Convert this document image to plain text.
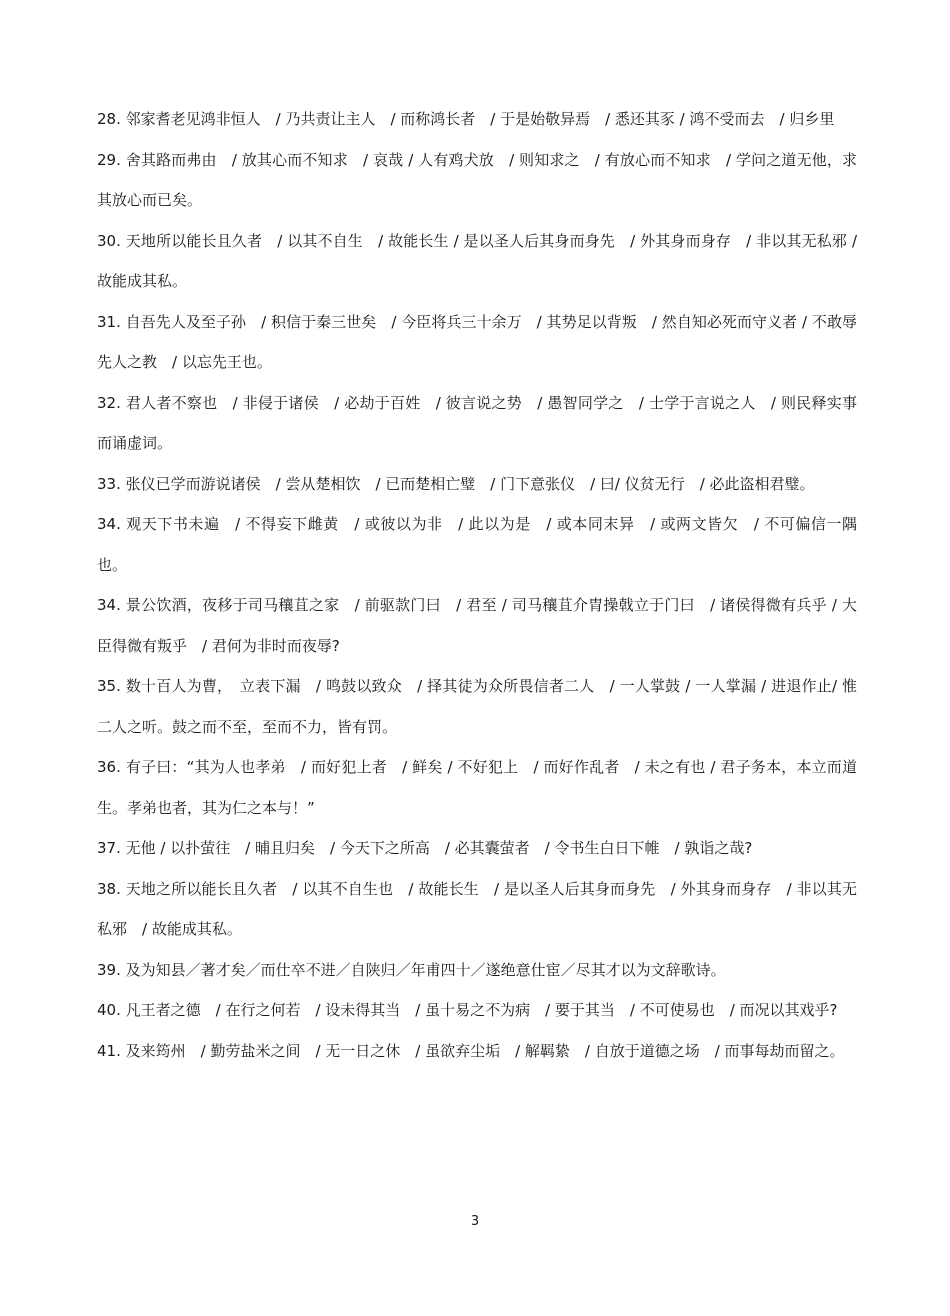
28. 邻家耆老见鸿非恒人　/ 乃共责让主人　/ 而称鸿长者　/ 于是始敬异焉　/ 悉还其豕 / 鸿不受而去　/ 归乡里

29. 舍其路而弗由　/ 放其心而不知求　/ 哀哉 / 人有鸡犬放　/ 则知求之　/ 有放心而不知求　/ 学问之道无他，求其放心而已矣。

30. 天地所以能长且久者　/ 以其不自生　/ 故能长生 / 是以圣人后其身而身先　/ 外其身而身存　/ 非以其无私邪 / 故能成其私。

31. 自吾先人及至子孙　/ 积信于秦三世矣　/ 今臣将兵三十余万　/ 其势足以背叛　/ 然自知必死而守义者 / 不敢辱先人之教　/ 以忘先王也。

32. 君人者不察也　/ 非侵于诸侯　/ 必劫于百姓　/ 彼言说之势　/ 愚智同学之　/ 士学于言说之人　/ 则民释实事而诵虚词。

33. 张仪已学而游说诸侯　/ 尝从楚相饮　/ 已而楚相亡璧　/ 门下意张仪　/ 曰/ 仪贫无行　/ 必此盗相君璧。

34. 观天下书未遍　/ 不得妄下雌黄　/ 或彼以为非　/ 此以为是　/ 或本同末异　/ 或两文皆欠　/ 不可偏信一隅也。

34. 景公饮酒，夜移于司马穰苴之家　/ 前驱款门曰　/ 君至 / 司马穰苴介胄操戟立于门曰　/ 诸侯得微有兵乎 / 大臣得微有叛乎　/ 君何为非时而夜辱?

35. 数十百人为曹，　立表下漏　/ 鸣鼓以致众　/ 择其徒为众所畏信者二人　/ 一人掌鼓 / 一人掌漏 / 进退作止/ 惟二人之听。鼓之而不至，至而不力，皆有罚。

36. 有子曰：“其为人也孝弟　/ 而好犯上者　/ 鲜矣 / 不好犯上　/ 而好作乱者　/ 未之有也 / 君子务本，本立而道生。孝弟也者，其为仁之本与！”

37. 无他 / 以扑萤往　/ 晡且归矣　/ 今天下之所高　/ 必其囊萤者　/ 令书生白日下帷　/ 孰诣之哉?

38. 天地之所以能长且久者　/ 以其不自生也　/ 故能长生　/ 是以圣人后其身而身先　/ 外其身而身存　/ 非以其无私邪　/ 故能成其私。

39. 及为知县／著才矣／而仕卒不进／自陕归／年甫四十／遂绝意仕宦／尽其才以为文辞歌诗。

40. 凡王者之德　/ 在行之何若　/ 设未得其当　/ 虽十易之不为病　/ 要于其当　/ 不可使易也　/ 而况以其戏乎?

41. 及来筠州　/ 勤劳盐米之间　/ 无一日之休　/ 虽欲弃尘垢　/ 解羁絷　/ 自放于道德之场　/ 而事每劫而留之。

3
